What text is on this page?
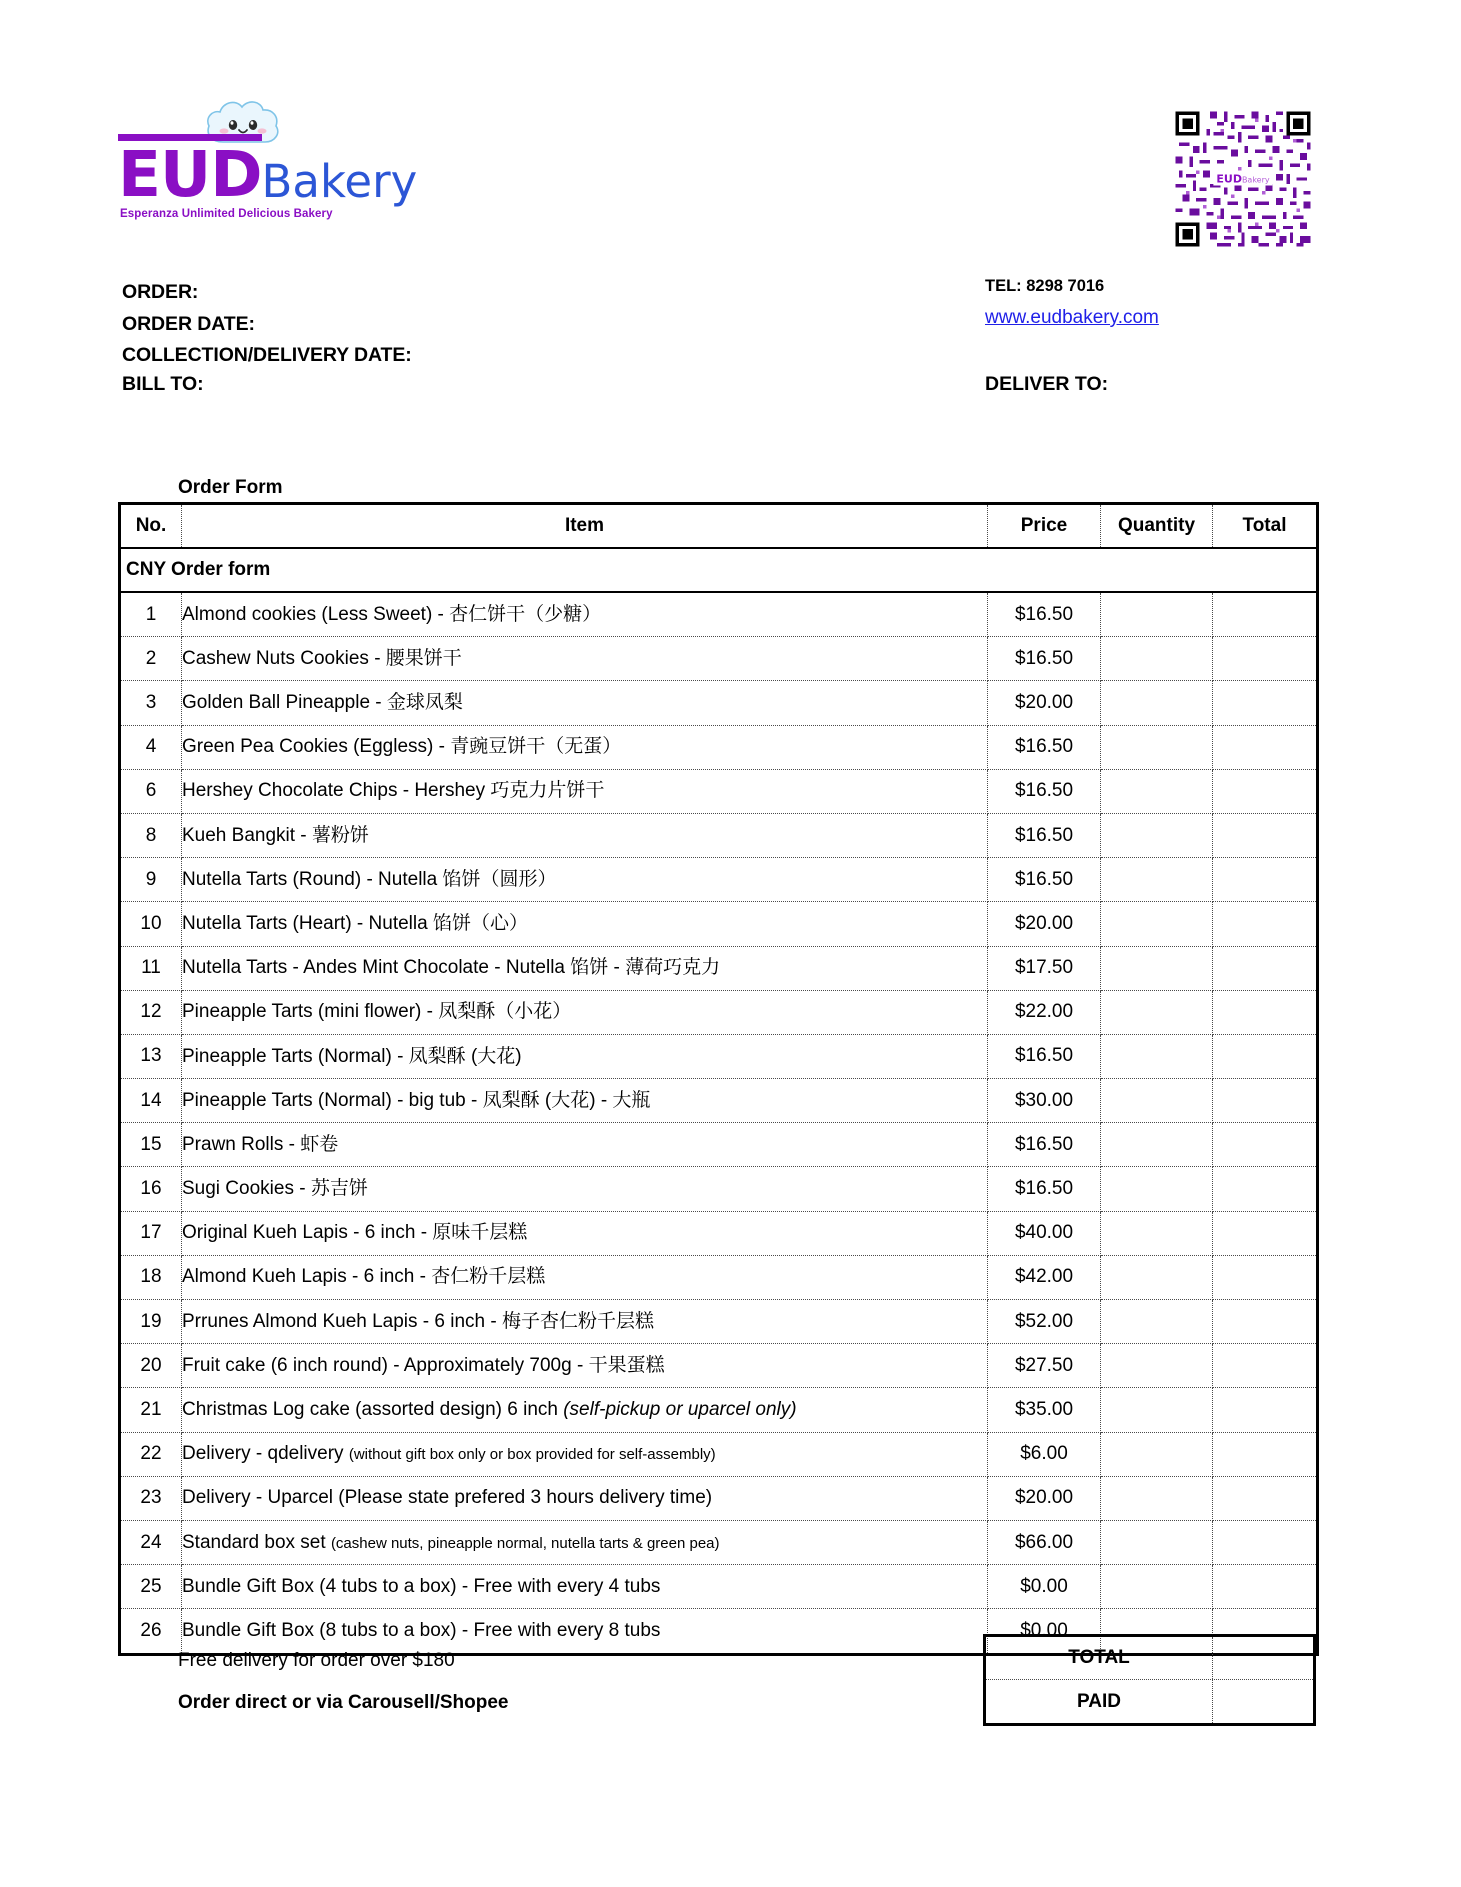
EUDBakery
Esperanza Unlimited Delicious Bakery
EUDBakery
ORDER:
ORDER DATE:
COLLECTION/DELIVERY DATE:
BILL TO:	DELIVER TO:
TEL: 8298 7016
www.eudbakery.com
Order Form
No.	Item	Price	Quantity	Total
CNY Order form				
1	Almond cookies (Less Sweet) - 杏仁饼干（少糖）	$16.50		
2	Cashew Nuts Cookies - 腰果饼干	$16.50		
3	Golden Ball Pineapple - 金球凤梨	$20.00		
4	Green Pea Cookies (Eggless) - 青豌豆饼干（无蛋）	$16.50		
6	Hershey Chocolate Chips - Hershey 巧克力片饼干	$16.50		
8	Kueh Bangkit - 薯粉饼	$16.50		
9	Nutella Tarts (Round) - Nutella 馅饼（圆形）	$16.50		
10	Nutella Tarts (Heart) - Nutella 馅饼（心）	$20.00		
11	Nutella Tarts - Andes Mint Chocolate - Nutella 馅饼 - 薄荷巧克力	$17.50		
12	Pineapple Tarts (mini flower) - 凤梨酥（小花）	$22.00		
13	Pineapple Tarts (Normal) - 凤梨酥 (大花)	$16.50		
14	Pineapple Tarts (Normal) - big tub - 凤梨酥 (大花) - 大瓶	$30.00		
15	Prawn Rolls - 虾卷	$16.50		
16	Sugi Cookies - 苏吉饼	$16.50		
17	Original Kueh Lapis - 6 inch - 原味千层糕	$40.00		
18	Almond Kueh Lapis - 6 inch - 杏仁粉千层糕	$42.00		
19	Prrunes Almond Kueh Lapis - 6 inch - 梅子杏仁粉千层糕	$52.00		
20	Fruit cake (6 inch round) - Approximately 700g - 干果蛋糕	$27.50		
21	Christmas Log cake (assorted design) 6 inch (self-pickup or uparcel only)	$35.00		
22	Delivery - qdelivery (without gift box only or box provided for self-assembly)	$6.00		
23	Delivery - Uparcel (Please state prefered 3 hours delivery time)	$20.00		
24	Standard box set (cashew nuts, pineapple normal, nutella tarts & green pea)	$66.00		
25	Bundle Gift Box (4 tubs to a box) - Free with every 4 tubs	$0.00		
26	Bundle Gift Box (8 tubs to a box) - Free with every 8 tubs	$0.00		
Free delivery for order over $180
Order direct or via Carousell/Shopee
TOTAL
PAID
